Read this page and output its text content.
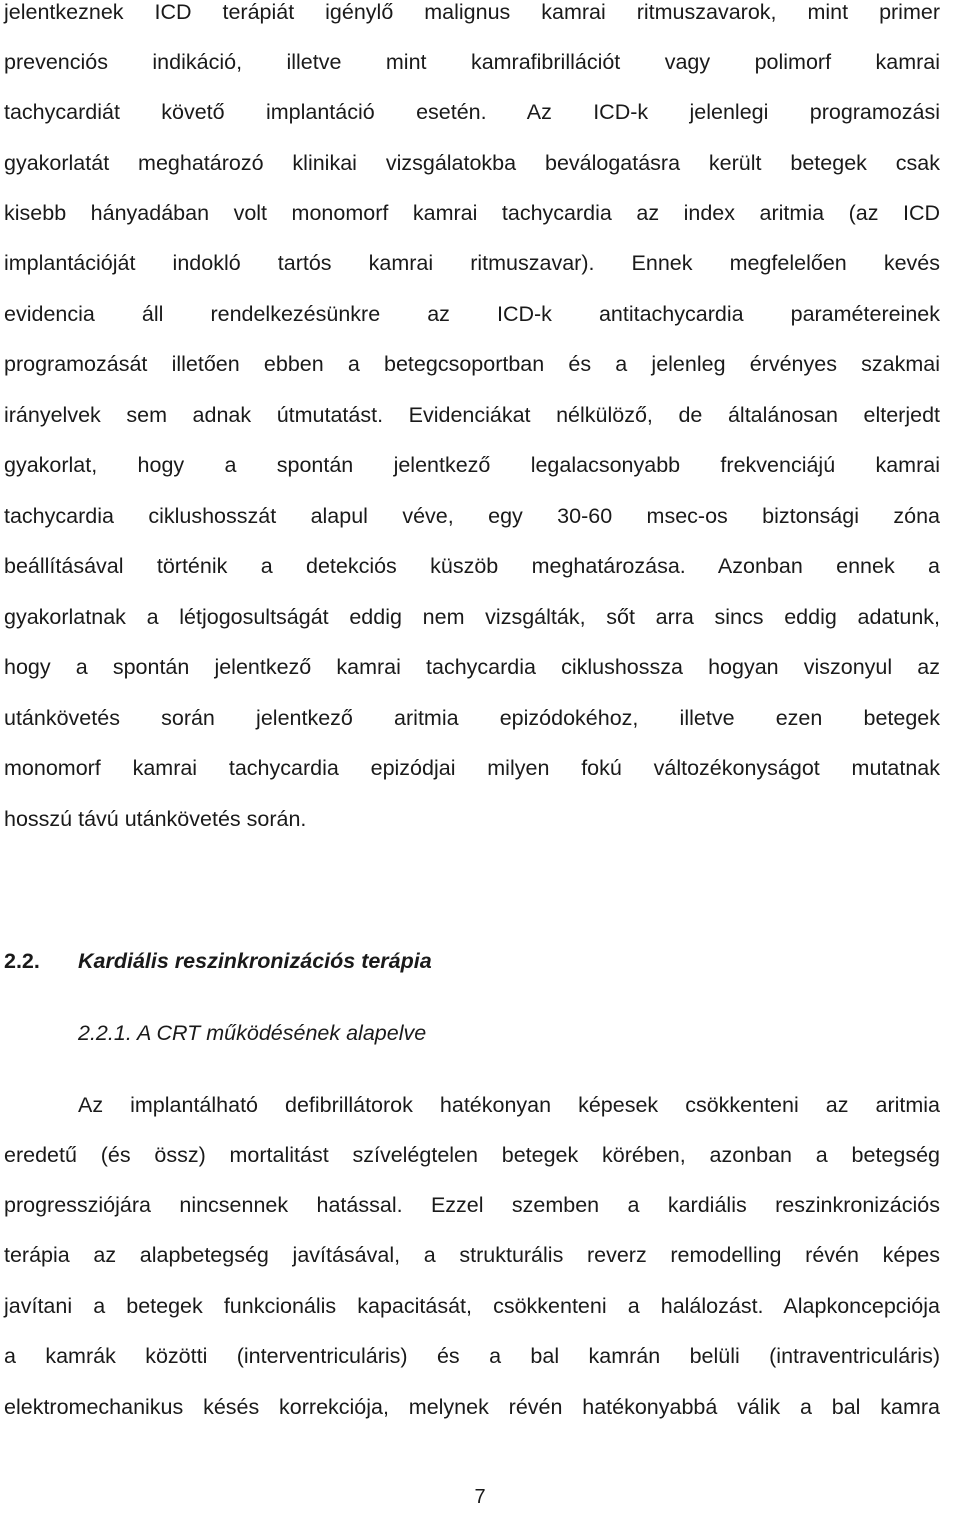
jelentkeznek ICD terápiát igénylő malignus kamrai ritmuszavarok, mint primer
prevenciós indikáció, illetve mint kamrafibrillációt vagy polimorf kamrai
tachycardiát követő implantáció esetén. Az ICD-k jelenlegi programozási
gyakorlatát meghatározó klinikai vizsgálatokba beválogatásra került betegek csak
kisebb hányadában volt monomorf kamrai tachycardia az index aritmia (az ICD
implantációját indokló tartós kamrai ritmuszavar). Ennek megfelelően kevés
evidencia áll rendelkezésünkre az ICD-k antitachycardia paramétereinek
programozását illetően ebben a betegcsoportban és a jelenleg érvényes szakmai
irányelvek sem adnak útmutatást. Evidenciákat nélkülöző, de általánosan elterjedt
gyakorlat, hogy a spontán jelentkező legalacsonyabb frekvenciájú kamrai
tachycardia ciklushosszát alapul véve, egy 30-60 msec-os biztonsági zóna
beállításával történik a detekciós küszöb meghatározása. Azonban ennek a
gyakorlatnak a létjogosultságát eddig nem vizsgálták, sőt arra sincs eddig adatunk,
hogy a spontán jelentkező kamrai tachycardia ciklushossza hogyan viszonyul az
utánkövetés során jelentkező aritmia epizódokéhoz, illetve ezen betegek
monomorf kamrai tachycardia epizódjai milyen fokú változékonyságot mutatnak
hosszú távú utánkövetés során.
2.2. Kardiális reszinkronizációs terápia
2.2.1. A CRT működésének alapelve
Az implantálható defibrillátorok hatékonyan képesek csökkenteni az aritmia
eredetű (és össz) mortalitást szívelégtelen betegek körében, azonban a betegség
progressziójára nincsennek hatással. Ezzel szemben a kardiális reszinkronizációs
terápia az alapbetegség javításával, a strukturális reverz remodelling révén képes
javítani a betegek funkcionális kapacitását, csökkenteni a halálozást. Alapkoncepciója
a kamrák közötti (interventriculáris) és a bal kamrán belüli (intraventriculáris)
elektromechanikus késés korrekciója, melynek révén hatékonyabbá válik a bal kamra
7
